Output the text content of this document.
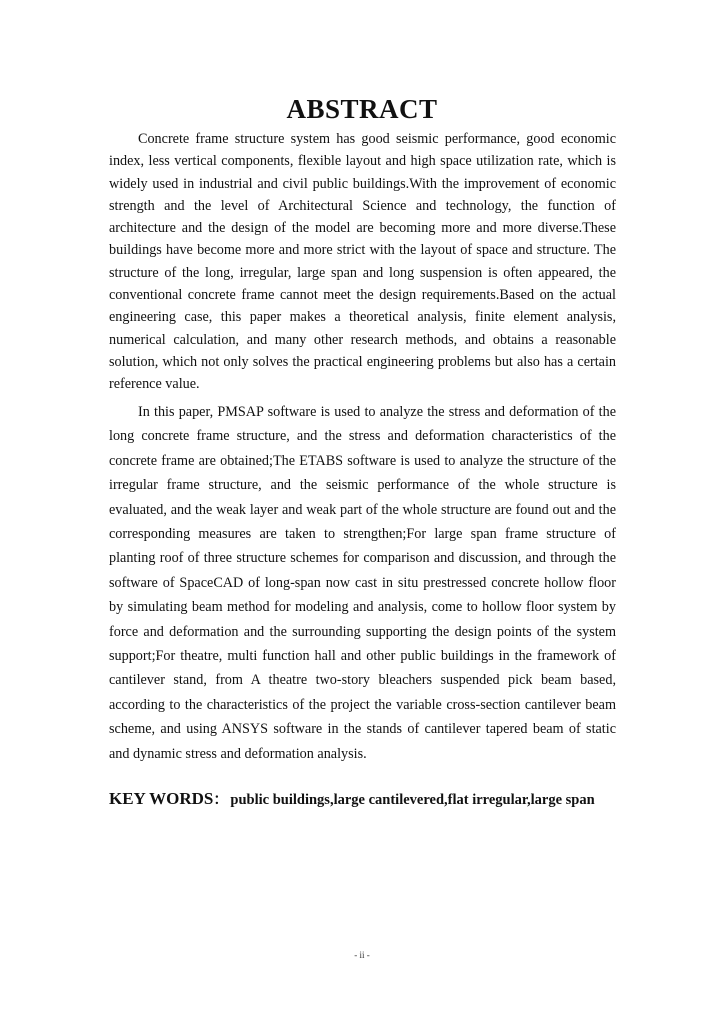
ABSTRACT

Concrete frame structure system has good seismic performance, good economic index, less vertical components, flexible layout and high space utilization rate, which is widely used in industrial and civil public buildings.With the improvement of economic strength and the level of Architectural Science and technology, the function of architecture and the design of the model are becoming more and more diverse.These buildings have become more and more strict with the layout of space and structure. The structure of the long, irregular, large span and long suspension is often appeared, the conventional concrete frame cannot meet the design requirements.Based on the actual engineering case, this paper makes a theoretical analysis, finite element analysis, numerical calculation, and many other research methods, and obtains a reasonable solution, which not only solves the practical engineering problems but also has a certain reference value.

In this paper, PMSAP software is used to analyze the stress and deformation of the long concrete frame structure, and the stress and deformation characteristics of the concrete frame are obtained;The ETABS software is used to analyze the structure of the irregular frame structure, and the seismic performance of the whole structure is evaluated, and the weak layer and weak part of the whole structure are found out and the corresponding measures are taken to strengthen;For large span frame structure of planting roof of three structure schemes for comparison and discussion, and through the software of SpaceCAD of long-span now cast in situ prestressed concrete hollow floor by simulating beam method for modeling and analysis, come to hollow floor system by force and deformation and the surrounding supporting the design points of the system support;For theatre, multi function hall and other public buildings in the framework of cantilever stand, from A theatre two-story bleachers suspended pick beam based, according to the characteristics of the project the variable cross-section cantilever beam scheme, and using ANSYS software in the stands of cantilever tapered beam of static and dynamic stress and deformation analysis.

KEY WORDS： public buildings,large cantilevered,flat irregular,large span

- ii -
